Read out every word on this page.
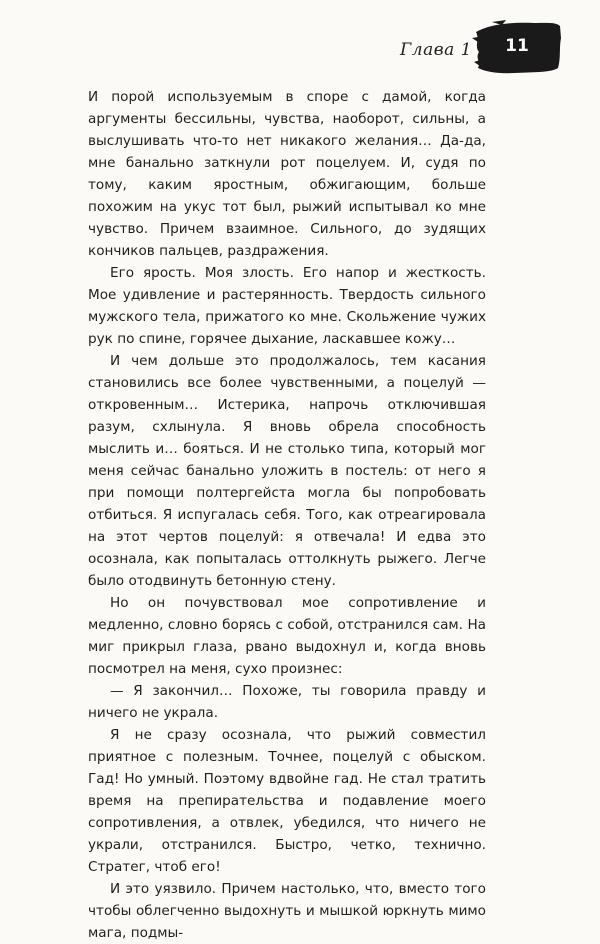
Глава 1	11

И порой используемым в споре с дамой, когда аргументы бессильны, чувства, наоборот, сильны, а выслушивать что-то нет никакого желания… Да-да, мне банально заткнули рот поцелуем. И, судя по тому, каким яростным, обжигающим, больше похожим на укус тот был, рыжий испытывал ко мне чувство. Причем взаимное. Сильного, до зудящих кончиков пальцев, раздражения.

Его ярость. Моя злость. Его напор и жесткость. Мое удивление и растерянность. Твердость сильного мужского тела, прижатого ко мне. Скольжение чужих рук по спине, горячее дыхание, ласкавшее кожу…

И чем дольше это продолжалось, тем касания становились все более чувственными, а поцелуй — откровенным… Истерика, напрочь отключившая разум, схлынула. Я вновь обрела способность мыслить и… бояться. И не столько типа, который мог меня сейчас банально уложить в постель: от него я при помощи полтергейста могла бы попробовать отбиться. Я испугалась себя. Того, как отреагировала на этот чертов поцелуй: я отвечала! И едва это осознала, как попыталась оттолкнуть рыжего. Легче было отодвинуть бетонную стену.

Но он почувствовал мое сопротивление и медленно, словно борясь с собой, отстранился сам. На миг прикрыл глаза, рвано выдохнул и, когда вновь посмотрел на меня, сухо произнес:

— Я закончил… Похоже, ты говорила правду и ничего не украла.

Я не сразу осознала, что рыжий совместил приятное с полезным. Точнее, поцелуй с обыском. Гад! Но умный. Поэтому вдвойне гад. Не стал тратить время на препирательства и подавление моего сопротивления, а отвлек, убедился, что ничего не украли, отстранился. Быстро, четко, технично. Стратег, чтоб его!

И это уязвило. Причем настолько, что, вместо того чтобы облегченно выдохнуть и мышкой юркнуть мимо мага, подмы-
